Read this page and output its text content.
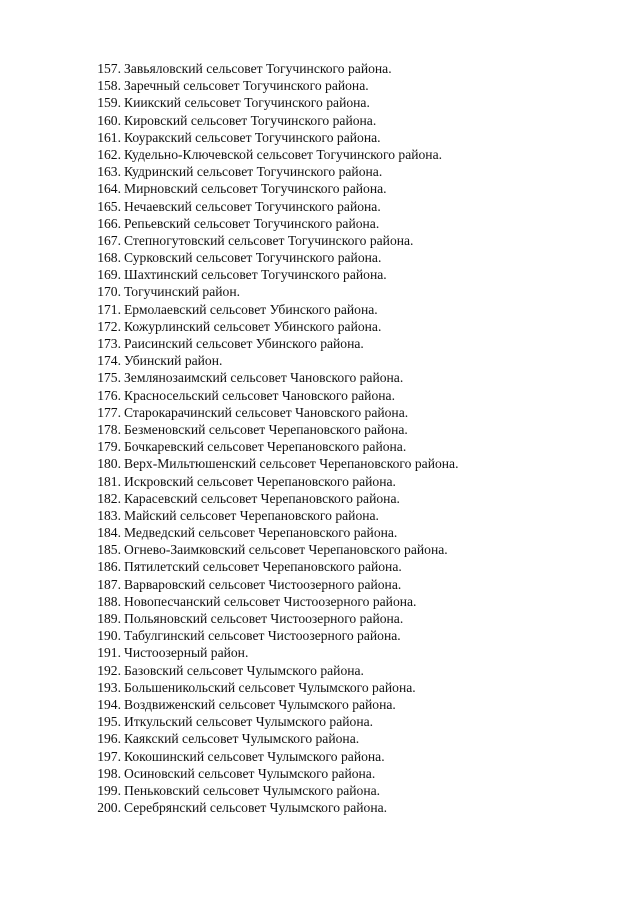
157. Завьяловский сельсовет Тогучинского района.
158. Заречный сельсовет Тогучинского района.
159. Киикский сельсовет Тогучинского района.
160. Кировский сельсовет Тогучинского района.
161. Коуракский сельсовет Тогучинского района.
162. Кудельно-Ключевской сельсовет Тогучинского района.
163. Кудринский сельсовет Тогучинского района.
164. Мирновский сельсовет Тогучинского района.
165. Нечаевский сельсовет Тогучинского района.
166. Репьевский сельсовет Тогучинского района.
167. Степногутовский сельсовет Тогучинского района.
168. Сурковский сельсовет Тогучинского района.
169. Шахтинский сельсовет Тогучинского района.
170. Тогучинский район.
171. Ермолаевский сельсовет Убинского района.
172. Кожурлинский сельсовет Убинского района.
173. Раисинский сельсовет Убинского района.
174. Убинский район.
175. Землянозаимский сельсовет Чановского района.
176. Красносельский сельсовет Чановского района.
177. Старокарачинский сельсовет Чановского района.
178. Безменовский сельсовет Черепановского района.
179. Бочкаревский сельсовет Черепановского района.
180. Верх-Мильтюшенский сельсовет Черепановского района.
181. Искровский сельсовет Черепановского района.
182. Карасевский сельсовет Черепановского района.
183. Майский сельсовет Черепановского района.
184. Медведский сельсовет Черепановского района.
185. Огнево-Заимковский сельсовет Черепановского района.
186. Пятилетский сельсовет Черепановского района.
187. Варваровский сельсовет Чистоозерного района.
188. Новопесчанский сельсовет Чистоозерного района.
189. Польяновский сельсовет Чистоозерного района.
190. Табулгинский сельсовет Чистоозерного района.
191. Чистоозерный район.
192. Базовский сельсовет Чулымского района.
193. Большеникольский сельсовет Чулымского района.
194. Воздвиженский сельсовет Чулымского района.
195. Иткульский сельсовет Чулымского района.
196. Каякский сельсовет Чулымского района.
197. Кокошинский сельсовет Чулымского района.
198. Осиновский сельсовет Чулымского района.
199. Пеньковский сельсовет Чулымского района.
200. Серебрянский сельсовет Чулымского района.
